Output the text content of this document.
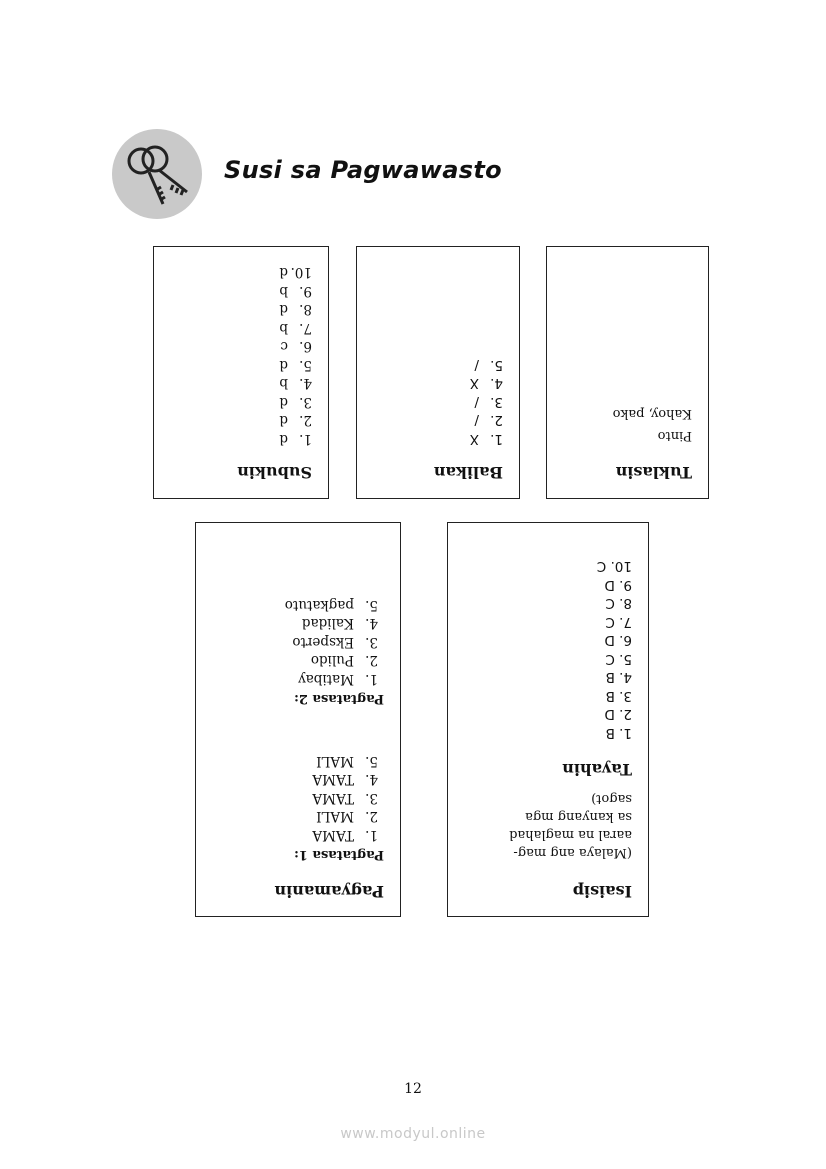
Susi sa Pagwawasto
Tuklasin
Pinto
Kahoy, pako
Balikan
1.X
2./
3./
4.X
5./
Subukin
1.d
2.d
3.d
4.b
5.d
6.c
7.b
8.d
9.b
10.d
Isaisip
(Malaya ang mag-
aaral na maglahad
sa kanyang mga
sagot)
Tayahin
1. B
2. D
3. B
4. B
5. C
6. D
7. C
8. C
9. D
10. C
Pagyamanin
Pagtatasa 1:
1.TAMA
2.MALI
3.TAMA
4.TAMA
5.MALI
Pagtatasa 2:
1.Matibay
2.Pulido
3.Eksperto
4.Kalidad
5.pagkatuto
12
www.modyul.online
